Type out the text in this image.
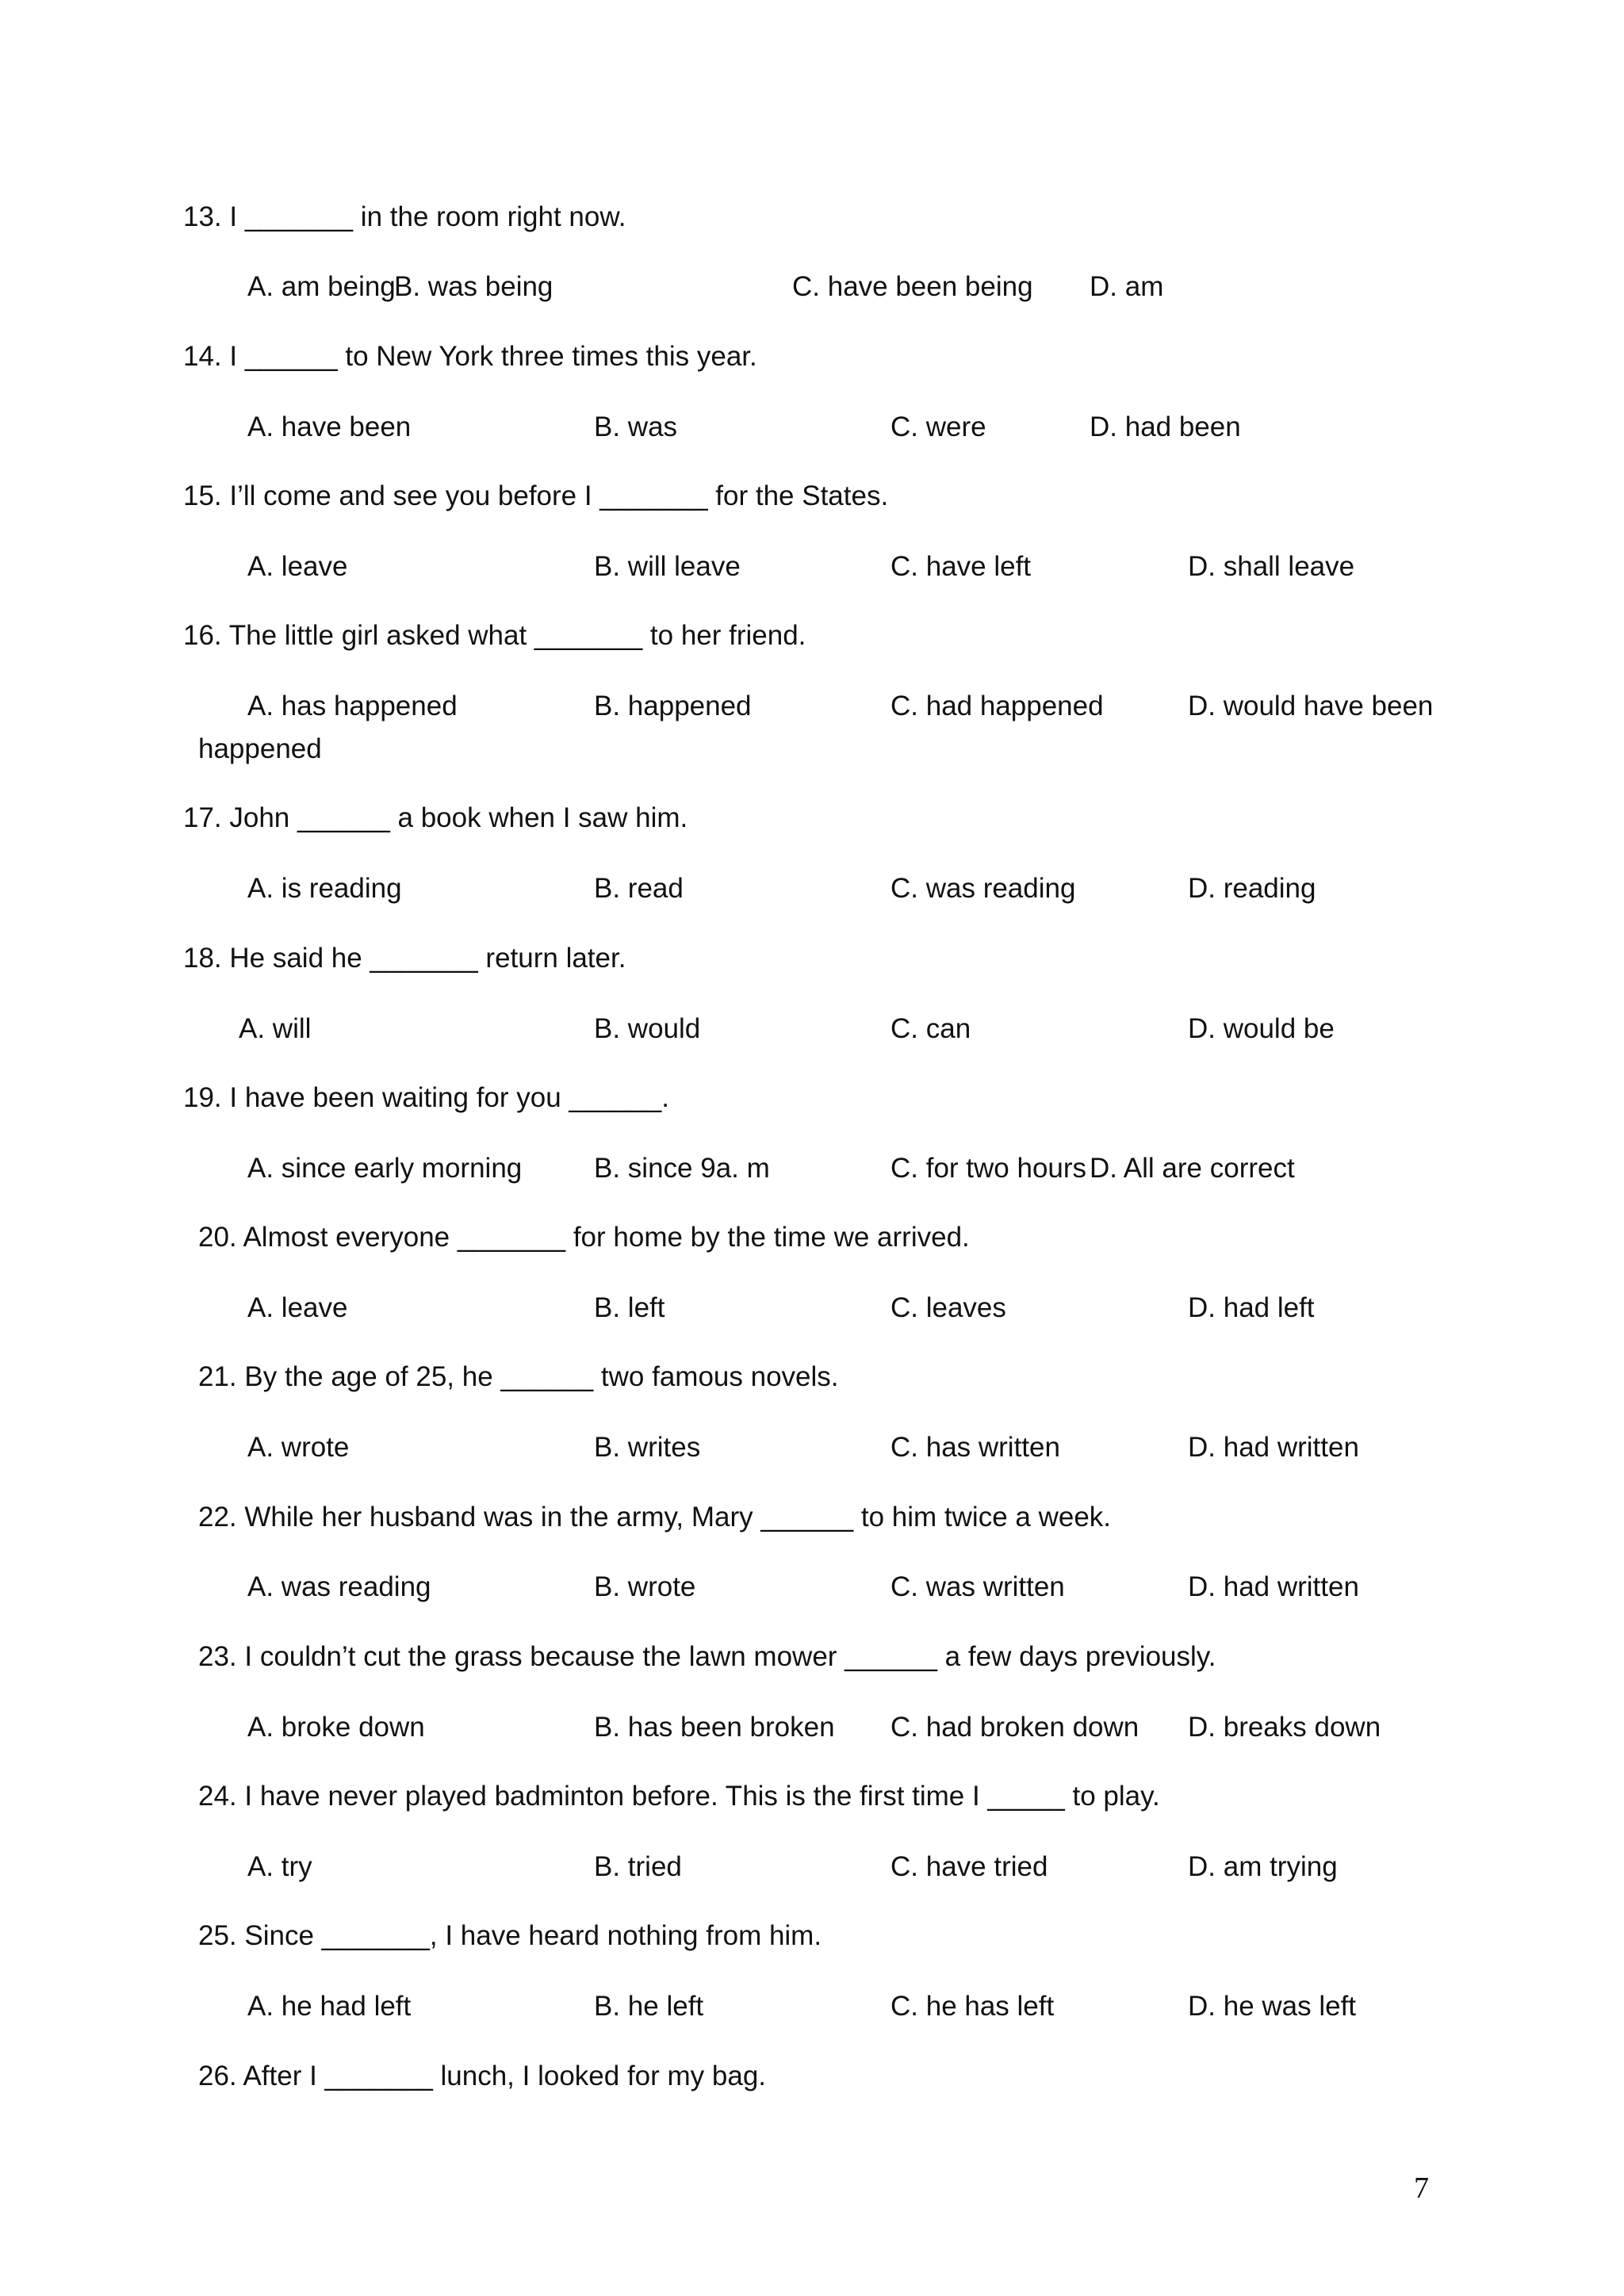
13. I _______ in the room right now.
A. am being
B. was being	C. have been being D. am
14. I ______ to New York three times this year.
A. have been	B. was	C. were	D. had been
15. I’ll come and see you before I _______ for the States.
A. leave	B. will leave	C. have left	D. shall leave
16. The little girl asked what _______ to her friend.
A. has happened	B. happened	C. had happened	D. would have been
happened
17. John ______ a book when I saw him.
A. is reading	B. read	C. was reading	D. reading
18. He said he _______ return later.
A. will	B. would	C. can	D. would be
19. I have been waiting for you ______.
A. since early morning	B. since 9a. m	C. for two hours D. All are correct
20. Almost everyone _______ for home by the time we arrived.
A. leave	B. left	C. leaves	D. had left
21. By the age of 25, he ______ two famous novels.
A. wrote	B. writes	C. has written	D. had written
22. While her husband was in the army, Mary ______ to him twice a week.
A. was reading	B. wrote	C. was written	D. had written
23. I couldn’t cut the grass because the lawn mower ______ a few days previously.
A. broke down	B. has been broken C. had broken down D. breaks down
24. I have never played badminton before. This is the first time I _____ to play.
A. try	B. tried	C. have tried	D. am trying
25. Since _______, I have heard nothing from him.
A. he had left	B. he left	C. he has left	D. he was left
26. After I _______ lunch, I looked for my bag.
7
